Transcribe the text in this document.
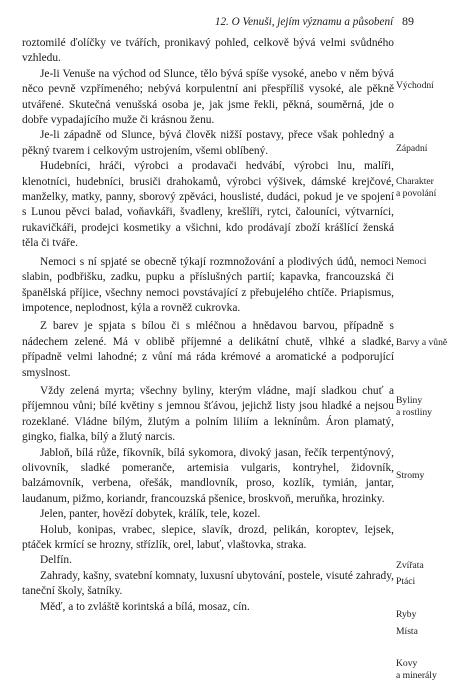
12. O Venuši, jejím významu a působení 89

roztomilé ďolíčky ve tvářích, pronikavý pohled, celkově bývá velmi svůdného vzhledu.

Je-li Venuše na východ od Slunce, tělo bývá spíše vysoké, anebo v něm bývá něco pevně vzpřímeného; nebývá korpulentní ani přespříliš vysoké, ale pěkně utvářené. Skutečná venušská osoba je, jak jsme řekli, pěkná, souměrná, jde o dobře vypadajícího muže či krásnou ženu.

Je-li západně od Slunce, bývá člověk nižší postavy, přece však pohledný a pěkný tvarem i celkovým ustrojením, všemi oblíbený.

Hudebníci, hráči, výrobci a prodavači hedvábí, výrobci lnu, malíři, klenotníci, hudebníci, brusiči drahokamů, výrobci výšivek, dámské krejčové, manželky, matky, panny, sborový zpěváci, houslisté, dudáci, pokud je ve spojení s Lunou pěvci balad, voňavkáři, švadleny, krešlíři, rytci, čalouníci, výtvarníci, rukavičkáři, prodejci kosmetiky a všichni, kdo prodávají zboží krášlící ženská těla či tváře.

Nemoci s ní spjaté se obecně týkají rozmnožování a plodivých údů, nemoci slabin, podbřišku, zadku, pupku a příslušných partií; kapavka, francouzská či španělská příjice, všechny nemoci povstávající z přebujelého chtíče. Priapismus, impotence, neplodnost, kýla a rovněž cukrovka.

Z barev je spjata s bílou či s mléčnou a hnědavou barvou, případně s nádechem zelené. Má v oblibě příjemné a delikátní chutě, vlhké a sladké, případně velmi lahodné; z vůní má ráda krémové a aromatické a podporující smyslnost.

Vždy zelená myrta; všechny byliny, kterým vládne, mají sladkou chuť a příjemnou vůni; bílé květiny s jemnou šťávou, jejichž listy jsou hladké a nejsou rozeklané. Vládne bílým, žlutým a polním liliím a leknínům. Áron plamatý, gingko, fialka, bílý a žlutý narcis.

Jabloň, bílá růže, fíkovník, bílá sykomora, divoký jasan, řečík terpentýnový, olivovník, sladké pomeranče, artemisia vulgaris, kontryhel, židovník, balzámovník, verbena, ořešák, mandlovník, proso, kozlík, tymián, jantar, laudanum, pižmo, koriandr, francouzská pšenice, broskvoň, meruňka, hrozinky.

Jelen, panter, hovězí dobytek, králík, tele, kozel.

Holub, konipas, vrabec, slepice, slavík, drozd, pelikán, koroptev, lejsek, ptáček krmící se hrozny, střízlík, orel, labuť, vlaštovka, straka.

Delfín.

Zahrady, kašny, svatební komnaty, luxusní ubytování, postele, visuté zahrady, taneční školy, šatníky.

Měď, a to zvláště korintská a bílá, mosaz, cín.

Východní
Západní
Charakter
a povolání
Nemoci
Barvy a vůně
Byliny
a rostliny
Stromy
Zvířata
Ptáci
Ryby
Místa
Kovy
a minerály
